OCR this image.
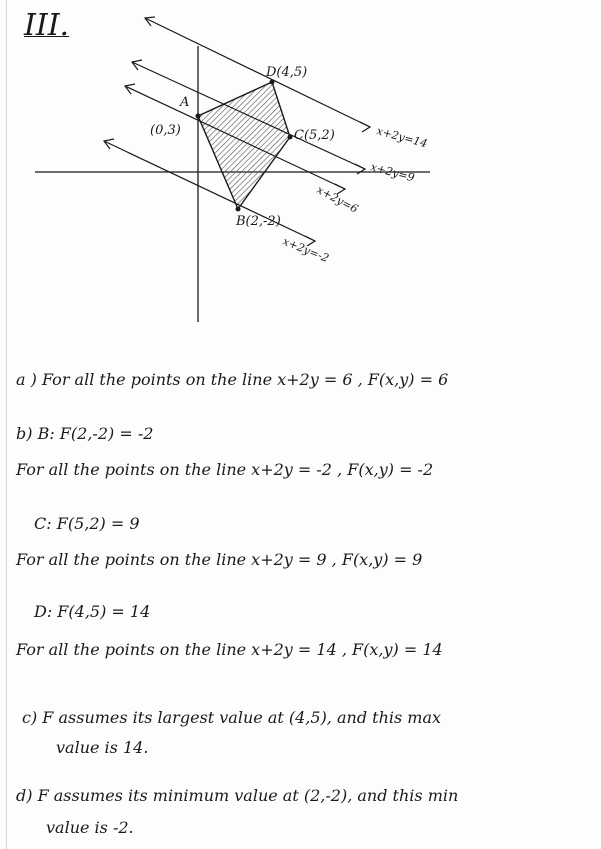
III.
D(4,5)
A
(0,3)	C(5,2)
B(2,-2)
x+2y=14
x+2y=9
x+2y=6
x+2y=-2
a ) For all the points on the line x+2y = 6 , F(x,y) = 6
b) B: F(2,-2) = -2
For all the points on the line x+2y = -2 , F(x,y) = -2
C: F(5,2) = 9
For all the points on the line x+2y = 9 , F(x,y) = 9
D: F(4,5) = 14
For all the points on the line x+2y = 14 , F(x,y) = 14
c) F assumes its largest value at (4,5), and this max
value is 14.
d) F assumes its minimum value at (2,-2), and this min
value is -2.
